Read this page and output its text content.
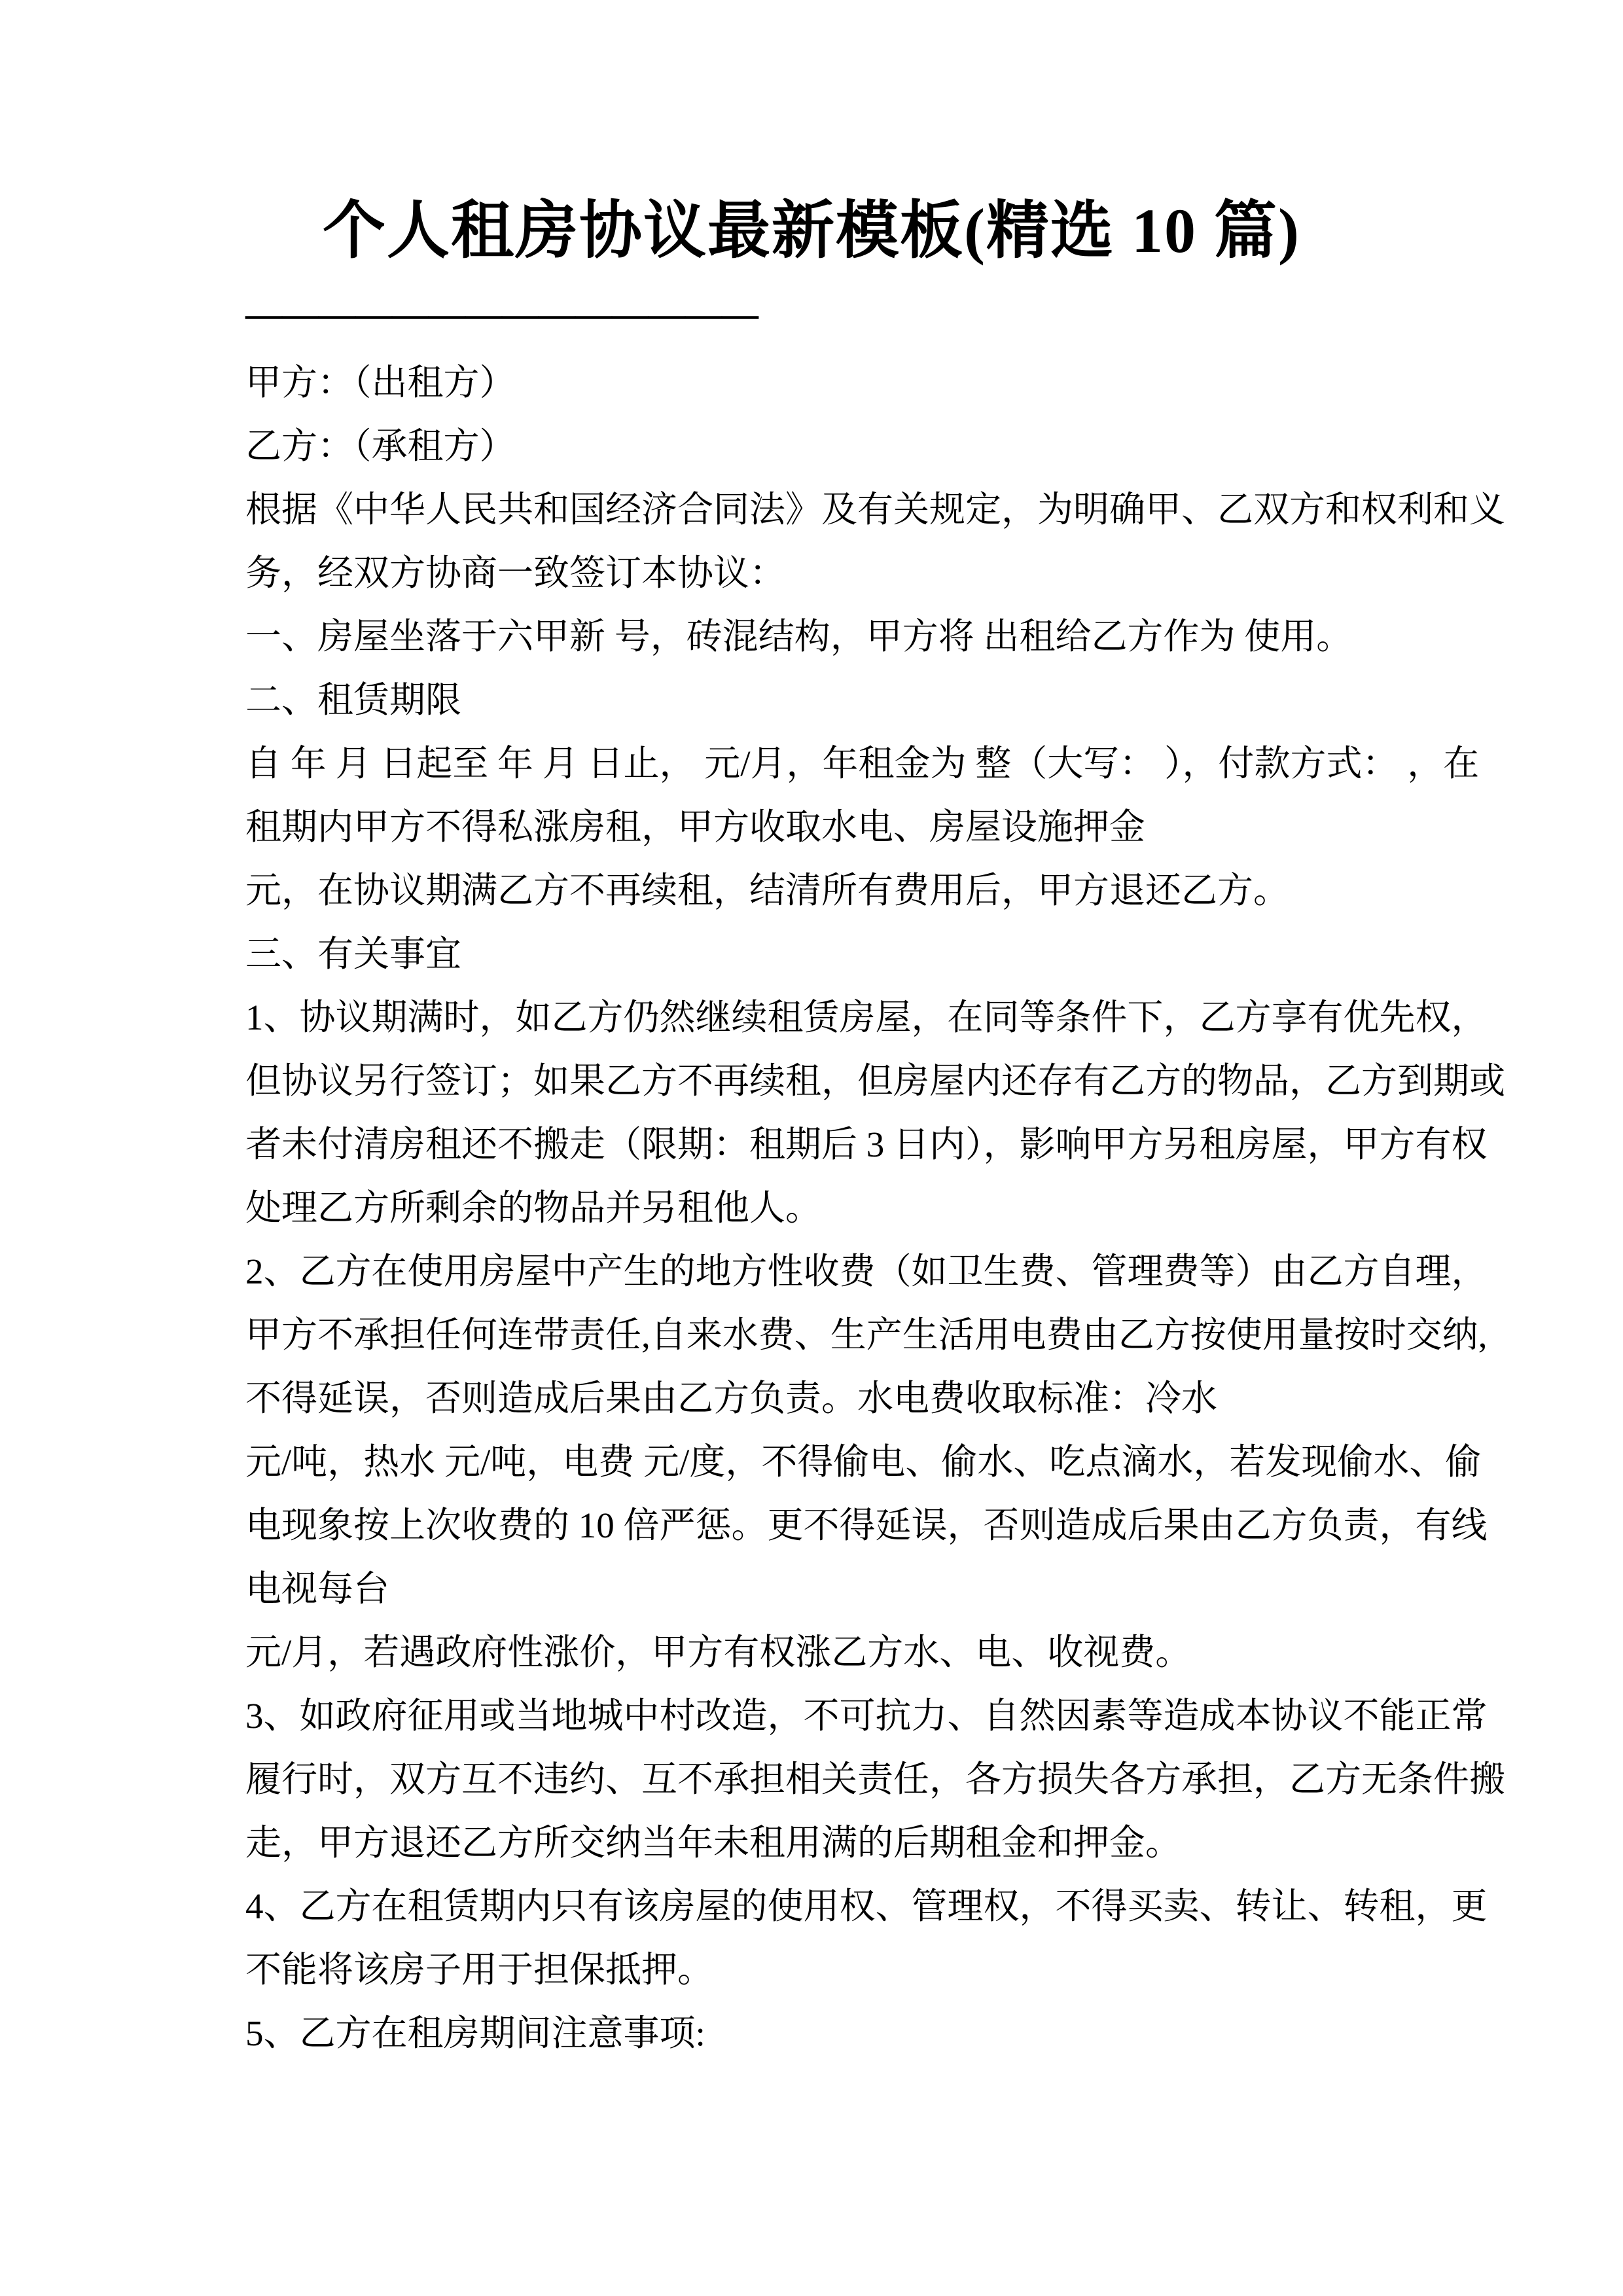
个人租房协议最新模板(精选 10 篇)
——————————————
甲方：（出租方）
乙方：（承租方）
根据《中华人民共和国经济合同法》及有关规定，为明确甲、乙双方和权利和义
务，经双方协商一致签订本协议：
一、房屋坐落于六甲新 号，砖混结构，甲方将 出租给乙方作为 使用。
二、租赁期限
自 年 月 日起至 年 月 日止， 元/月，年租金为 整（大写： ），付款方式： ，在
租期内甲方不得私涨房租，甲方收取水电、房屋设施押金
元，在协议期满乙方不再续租，结清所有费用后，甲方退还乙方。
三、有关事宜
1、协议期满时，如乙方仍然继续租赁房屋，在同等条件下，乙方享有优先权，
但协议另行签订；如果乙方不再续租，但房屋内还存有乙方的物品，乙方到期或
者未付清房租还不搬走（限期：租期后 3 日内），影响甲方另租房屋，甲方有权
处理乙方所剩余的物品并另租他人。
2、乙方在使用房屋中产生的地方性收费（如卫生费、管理费等）由乙方自理，
甲方不承担任何连带责任,自来水费、生产生活用电费由乙方按使用量按时交纳,
不得延误，否则造成后果由乙方负责。水电费收取标准：冷水
元/吨，热水 元/吨，电费 元/度，不得偷电、偷水、吃点滴水，若发现偷水、偷
电现象按上次收费的 10 倍严惩。更不得延误，否则造成后果由乙方负责，有线
电视每台
元/月，若遇政府性涨价，甲方有权涨乙方水、电、收视费。
3、如政府征用或当地城中村改造，不可抗力、自然因素等造成本协议不能正常
履行时，双方互不违约、互不承担相关责任，各方损失各方承担，乙方无条件搬
走，甲方退还乙方所交纳当年未租用满的后期租金和押金。
4、乙方在租赁期内只有该房屋的使用权、管理权，不得买卖、转让、转租，更
不能将该房子用于担保抵押。
5、乙方在租房期间注意事项:
